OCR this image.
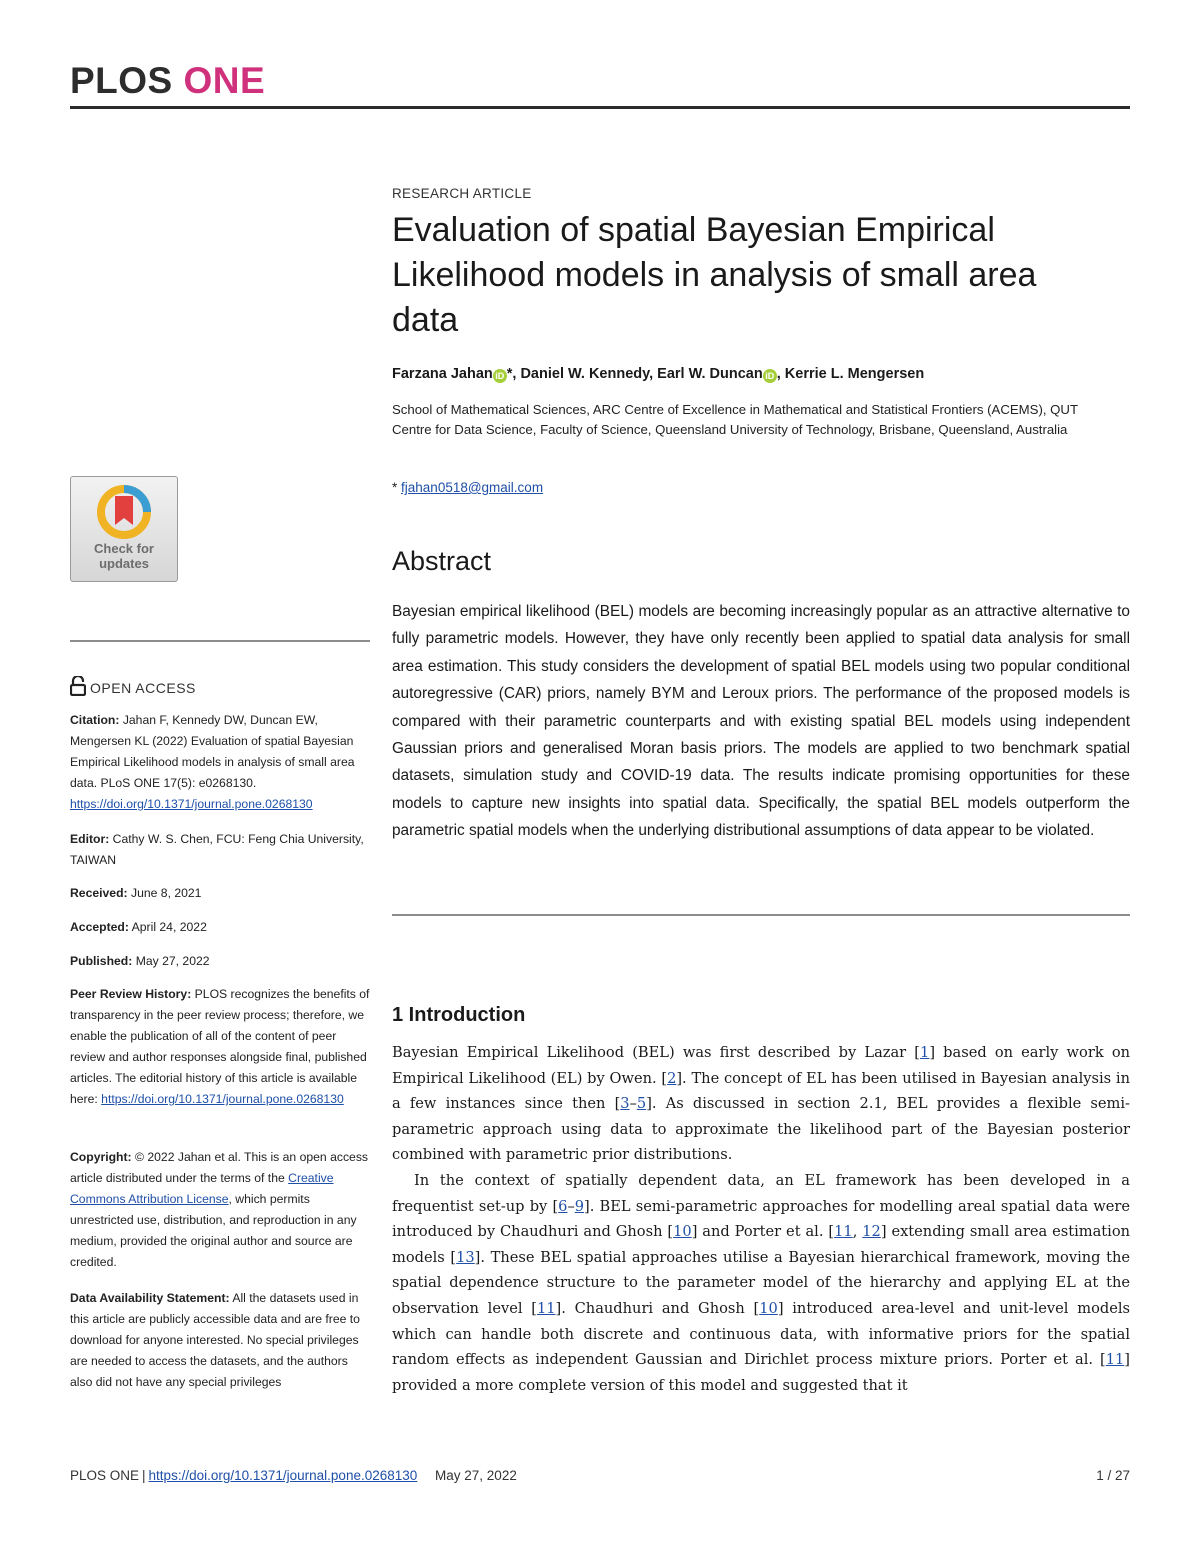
PLOS ONE
Check for
updates
OPEN ACCESS
Citation: Jahan F, Kennedy DW, Duncan EW, Mengersen KL (2022) Evaluation of spatial Bayesian Empirical Likelihood models in analysis of small area data. PLoS ONE 17(5): e0268130. https://doi.org/10.1371/journal.pone.0268130
Editor: Cathy W. S. Chen, FCU: Feng Chia University, TAIWAN
Received: June 8, 2021
Accepted: April 24, 2022
Published: May 27, 2022
Peer Review History: PLOS recognizes the benefits of transparency in the peer review process; therefore, we enable the publication of all of the content of peer review and author responses alongside final, published articles. The editorial history of this article is available here: https://doi.org/10.1371/journal.pone.0268130
Copyright: © 2022 Jahan et al. This is an open access article distributed under the terms of the Creative Commons Attribution License, which permits unrestricted use, distribution, and reproduction in any medium, provided the original author and source are credited.
Data Availability Statement: All the datasets used in this article are publicly accessible data and are free to download for anyone interested. No special privileges are needed to access the datasets, and the authors also did not have any special privileges
RESEARCH ARTICLE
Evaluation of spatial Bayesian Empirical Likelihood models in analysis of small area data
Farzana Jahan iD *, Daniel W. Kennedy, Earl W. Duncan iD , Kerrie L. Mengersen
School of Mathematical Sciences, ARC Centre of Excellence in Mathematical and Statistical Frontiers (ACEMS), QUT Centre for Data Science, Faculty of Science, Queensland University of Technology, Brisbane, Queensland, Australia
* fjahan0518@gmail.com
Abstract
Bayesian empirical likelihood (BEL) models are becoming increasingly popular as an attractive alternative to fully parametric models. However, they have only recently been applied to spatial data analysis for small area estimation. This study considers the development of spatial BEL models using two popular conditional autoregressive (CAR) priors, namely BYM and Leroux priors. The performance of the proposed models is compared with their parametric counterparts and with existing spatial BEL models using independent Gaussian priors and generalised Moran basis priors. The models are applied to two benchmark spatial datasets, simulation study and COVID-19 data. The results indicate promising opportunities for these models to capture new insights into spatial data. Specifically, the spatial BEL models outperform the parametric spatial models when the underlying distributional assumptions of data appear to be violated.
1 Introduction

Bayesian Empirical Likelihood (BEL) was first described by Lazar [1] based on early work on Empirical Likelihood (EL) by Owen. [2]. The concept of EL has been utilised in Bayesian analysis in a few instances since then [3–5]. As discussed in section 2.1, BEL provides a flexible semi-parametric approach using data to approximate the likelihood part of the Bayesian posterior combined with parametric prior distributions.

In the context of spatially dependent data, an EL framework has been developed in a frequentist set-up by [6–9]. BEL semi-parametric approaches for modelling areal spatial data were introduced by Chaudhuri and Ghosh [10] and Porter et al. [11, 12] extending small area estimation models [13]. These BEL spatial approaches utilise a Bayesian hierarchical framework, moving the spatial dependence structure to the parameter model of the hierarchy and applying EL at the observation level [11]. Chaudhuri and Ghosh [10] introduced area-level and unit-level models which can handle both discrete and continuous data, with informative priors for the spatial random effects as independent Gaussian and Dirichlet process mixture priors. Porter et al. [11] provided a more complete version of this model and suggested that it

PLOS ONE | https://doi.org/10.1371/journal.pone.0268130 May 27, 2022	1 / 27
